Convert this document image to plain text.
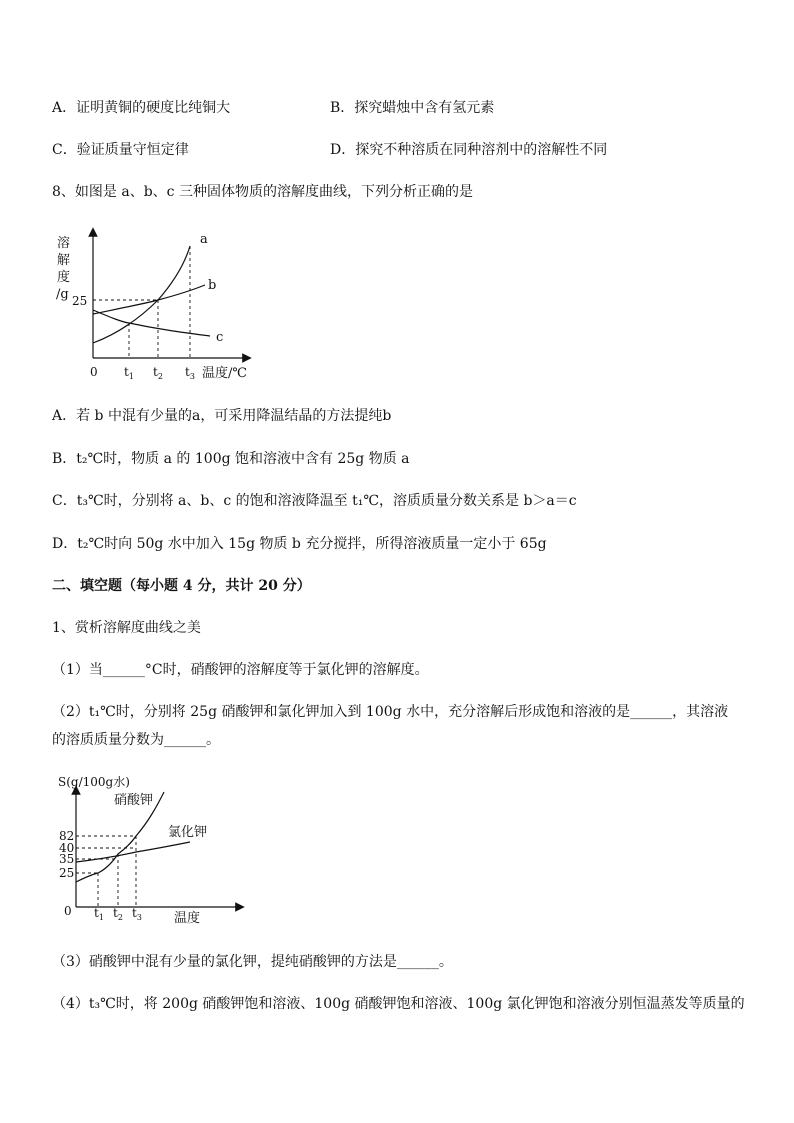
A．证明黄铜的硬度比纯铜大	B．探究蜡烛中含有氢元素
C．验证质量守恒定律	D．探究不种溶质在同种溶剂中的溶解性不同
8、如图是 a、b、c 三种固体物质的溶解度曲线，下列分析正确的是
溶
解
度
/g 25
a
b
c
0 $t_1$ $t_2$ $t_3$ 温度/℃
A．若 b 中混有少量的a，可采用降温结晶的方法提纯b
B．t₂℃时，物质 a 的 100g 饱和溶液中含有 25g 物质 a
C．t₃℃时，分别将 a、b、c 的饱和溶液降温至 t₁℃，溶质质量分数关系是 b＞a＝c
D．t₂℃时向 50g 水中加入 15g 物质 b 充分搅拌，所得溶液质量一定小于 65g
二、填空题（每小题 4 分，共计 20 分）
1、赏析溶解度曲线之美
（1）当______°C时，硝酸钾的溶解度等于氯化钾的溶解度。
（2）t₁℃时，分别将 25g 硝酸钾和氯化钾加入到 100g 水中，充分溶解后形成饱和溶液的是______，其溶液
的溶质质量分数为______。
S(g/100g水)
82
40
35
25
硝酸钾
氯化钾
0 $t_1$ $t_2$ $t_3$ 温度
（3）硝酸钾中混有少量的氯化钾，提纯硝酸钾的方法是______。
（4）t₃℃时，将 200g 硝酸钾饱和溶液、100g 硝酸钾饱和溶液、100g 氯化钾饱和溶液分别恒温蒸发等质量的
